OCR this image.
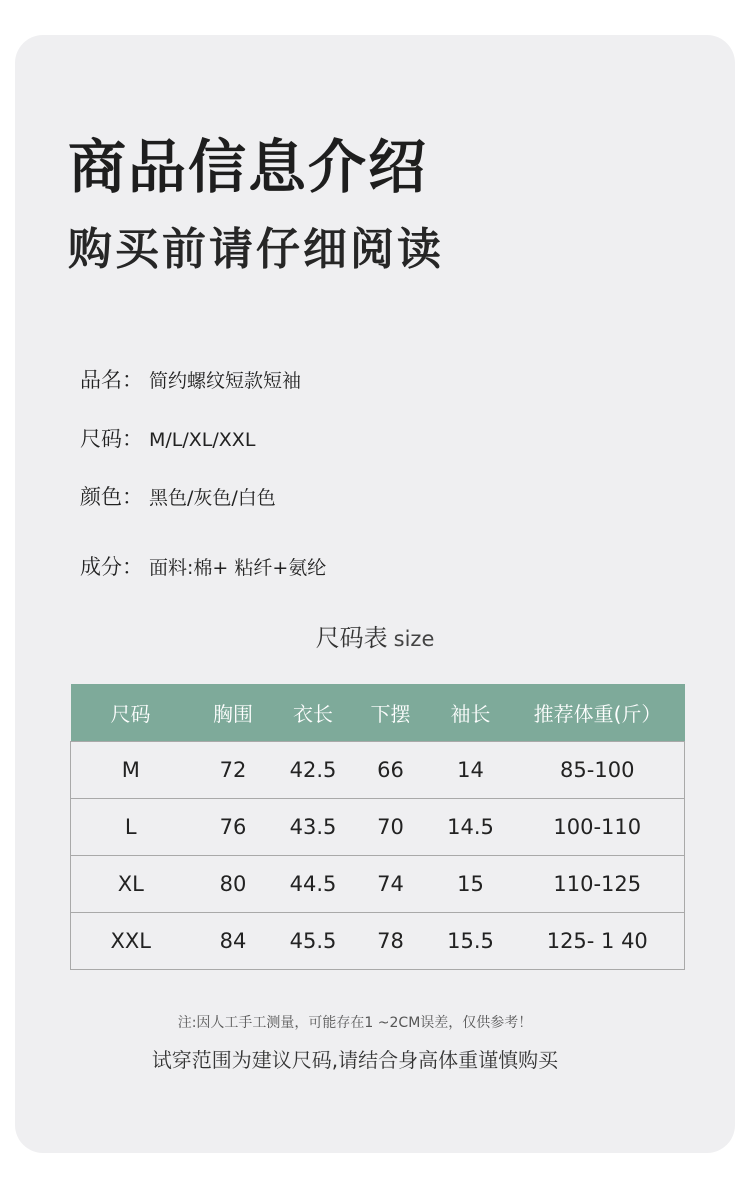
商品信息介绍
购买前请仔细阅读
品名： 简约螺纹短款短袖
尺码： M/L/XL/XXL
颜色： 黑色/灰色/白色
成分： 面料:棉+ 粘纤+氨纶
尺码表 size
尺码	胸围	衣长	下摆	袖长	推荐体重(斤）
M	72	42.5	66	14	85-100
L	76	43.5	70	14.5	100-110
XL	80	44.5	74	15	110-125
XXL	84	45.5	78	15.5	125- 1 40
注:因人工手工测量，可能存在1 ~2CM误差，仅供参考！
试穿范围为建议尺码,请结合身高体重谨慎购买
